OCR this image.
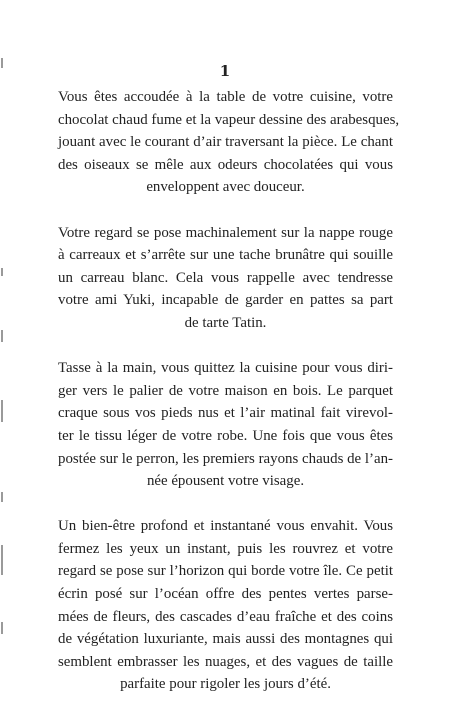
1

Vous êtes accoudée à la table de votre cuisine, votre
chocolat chaud fume et la vapeur dessine des arabesques,
jouant avec le courant d’air traversant la pièce. Le chant
des oiseaux se mêle aux odeurs chocolatées qui vous
enveloppent avec douceur.

Votre regard se pose machinalement sur la nappe rouge
à carreaux et s’arrête sur une tache brunâtre qui souille
un carreau blanc. Cela vous rappelle avec tendresse
votre ami Yuki, incapable de garder en pattes sa part
de tarte Tatin.

Tasse à la main, vous quittez la cuisine pour vous diri-
ger vers le palier de votre maison en bois. Le parquet
craque sous vos pieds nus et l’air matinal fait virevol-
ter le tissu léger de votre robe. Une fois que vous êtes
postée sur le perron, les premiers rayons chauds de l’an-
née épousent votre visage.

Un bien-être profond et instantané vous envahit. Vous
fermez les yeux un instant, puis les rouvrez et votre
regard se pose sur l’horizon qui borde votre île. Ce petit
écrin posé sur l’océan offre des pentes vertes parse-
mées de fleurs, des cascades d’eau fraîche et des coins
de végétation luxuriante, mais aussi des montagnes qui
semblent embrasser les nuages, et des vagues de taille
parfaite pour rigoler les jours d’été.
